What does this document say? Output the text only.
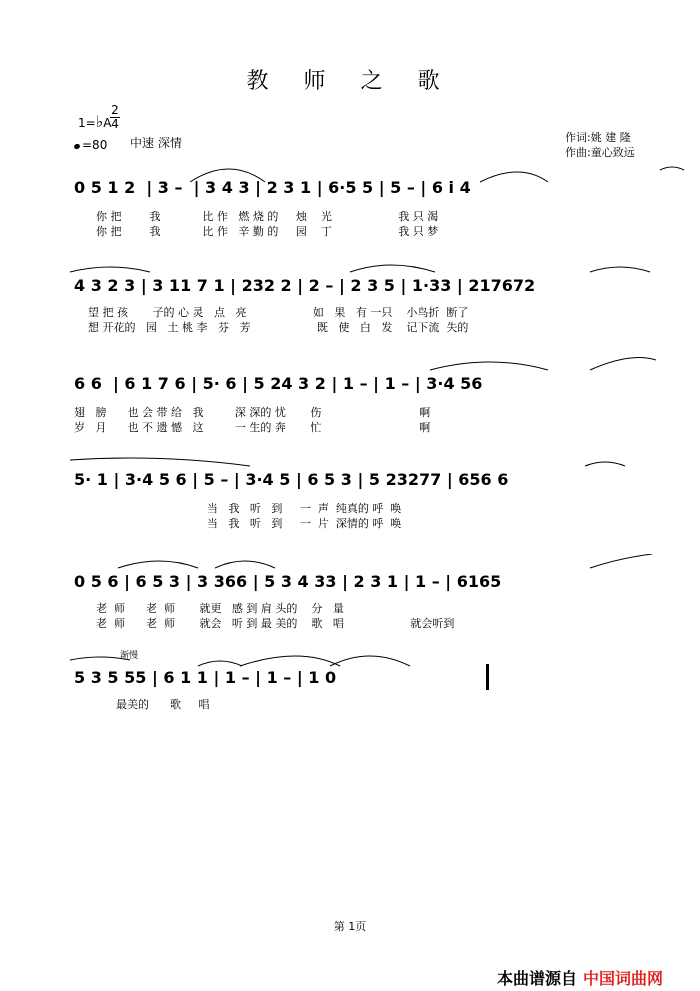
教 师 之 歌
1=♭A
2
4
=80 中速 深情	作词:姚 建 隆
作曲:童心致远
0 5 1 2  | 3 –  | 3 4 3 | 2 3 1 | 6·5 5 | 5 – | 6 i 4
你 把        我            比 作   燃 烧 的     烛    光                   我 只 渴
你 把        我            比 作   辛 勤 的     园    丁                   我 只 梦
4 3 2 3 | 3 11 7 1 | 232 2 | 2 – | 2 3 5 | 1·33 | 217672
望 把 孩       子的 心 灵   点   亮                   如   果   有 一只    小鸟折  断了
想 开花的   园   土 桃 李   芬   芳                   既   使   白   发    记下流  失的
6 6  | 6 1 7 6 | 5· 6 | 5 24 3 2 | 1 – | 1 – | 3·4 56
翅   膀      也 会 带 给   我         深 深的 忧       伤                            啊
岁   月      也 不 遗 憾   这         一 生的 奔       忙                            啊
5· 1 | 3·4 5 6 | 5 – | 3·4 5 | 6 5 3 | 5 23277 | 656 6
当   我   听   到     一  声  纯真的 呼  唤
当   我   听   到     一  片  深情的 呼  唤
0 5 6 | 6 5 3 | 3 366 | 5 3 4 33 | 2 3 1 | 1 – | 6165
老  师      老  师       就更   感 到 肩 头的    分   量
老  师      老  师       就会   听 到 最 美的    歌   唱                   就会听到
渐慢
5 3 5 55 | 6 1 1 | 1 – | 1 – | 1 0
最美的      歌     唱
第 1页
本曲谱源自 中国词曲网
